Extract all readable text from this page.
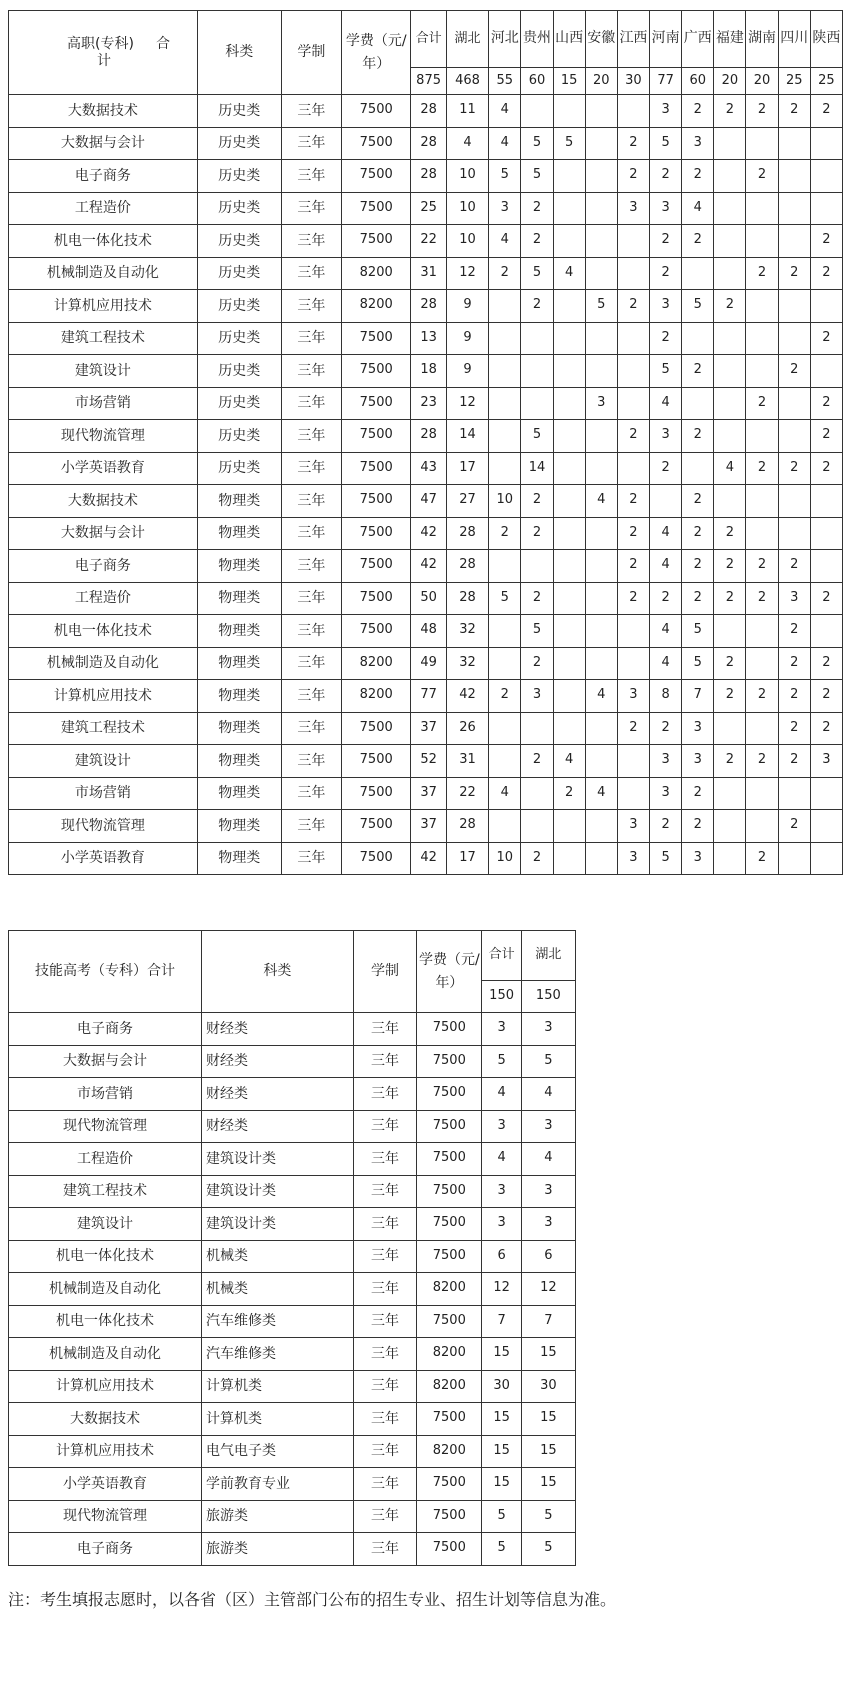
高职(专科) 合
计	科类	学制	学费（元/年）	合计	湖北	河北	贵州	山西	安徽	江西	河南	广西	福建	湖南	四川	陕西
				875	468	55	60	15	20	30	77	60	20	20	25	25
大数据技术	历史类	三年	7500	28	11	4					3	2	2	2	2	2
大数据与会计	历史类	三年	7500	28	4	4	5	5		2	5	3				
电子商务	历史类	三年	7500	28	10	5	5			2	2	2		2		
工程造价	历史类	三年	7500	25	10	3	2			3	3	4				
机电一体化技术	历史类	三年	7500	22	10	4	2				2	2				2
机械制造及自动化	历史类	三年	8200	31	12	2	5	4			2			2	2	2
计算机应用技术	历史类	三年	8200	28	9		2		5	2	3	5	2			
建筑工程技术	历史类	三年	7500	13	9						2					2
建筑设计	历史类	三年	7500	18	9						5	2			2	
市场营销	历史类	三年	7500	23	12				3		4			2		2
现代物流管理	历史类	三年	7500	28	14		5			2	3	2				2
小学英语教育	历史类	三年	7500	43	17		14				2		4	2	2	2
大数据技术	物理类	三年	7500	47	27	10	2		4	2		2				
大数据与会计	物理类	三年	7500	42	28	2	2			2	4	2	2			
电子商务	物理类	三年	7500	42	28					2	4	2	2	2	2	
工程造价	物理类	三年	7500	50	28	5	2			2	2	2	2	2	3	2
机电一体化技术	物理类	三年	7500	48	32		5				4	5			2	
机械制造及自动化	物理类	三年	8200	49	32		2				4	5	2		2	2
计算机应用技术	物理类	三年	8200	77	42	2	3		4	3	8	7	2	2	2	2
建筑工程技术	物理类	三年	7500	37	26					2	2	3			2	2
建筑设计	物理类	三年	7500	52	31		2	4			3	3	2	2	2	3
市场营销	物理类	三年	7500	37	22	4		2	4		3	2				
现代物流管理	物理类	三年	7500	37	28					3	2	2			2	
小学英语教育	物理类	三年	7500	42	17	10	2			3	5	3		2		
技能高考（专科）合计	科类	学制	学费（元/年）	合计	湖北
				150	150
电子商务	财经类	三年	7500	3	3
大数据与会计	财经类	三年	7500	5	5
市场营销	财经类	三年	7500	4	4
现代物流管理	财经类	三年	7500	3	3
工程造价	建筑设计类	三年	7500	4	4
建筑工程技术	建筑设计类	三年	7500	3	3
建筑设计	建筑设计类	三年	7500	3	3
机电一体化技术	机械类	三年	7500	6	6
机械制造及自动化	机械类	三年	8200	12	12
机电一体化技术	汽车维修类	三年	7500	7	7
机械制造及自动化	汽车维修类	三年	8200	15	15
计算机应用技术	计算机类	三年	8200	30	30
大数据技术	计算机类	三年	7500	15	15
计算机应用技术	电气电子类	三年	8200	15	15
小学英语教育	学前教育专业	三年	7500	15	15
现代物流管理	旅游类	三年	7500	5	5
电子商务	旅游类	三年	7500	5	5
注：考生填报志愿时，以各省（区）主管部门公布的招生专业、招生计划等信息为准。
